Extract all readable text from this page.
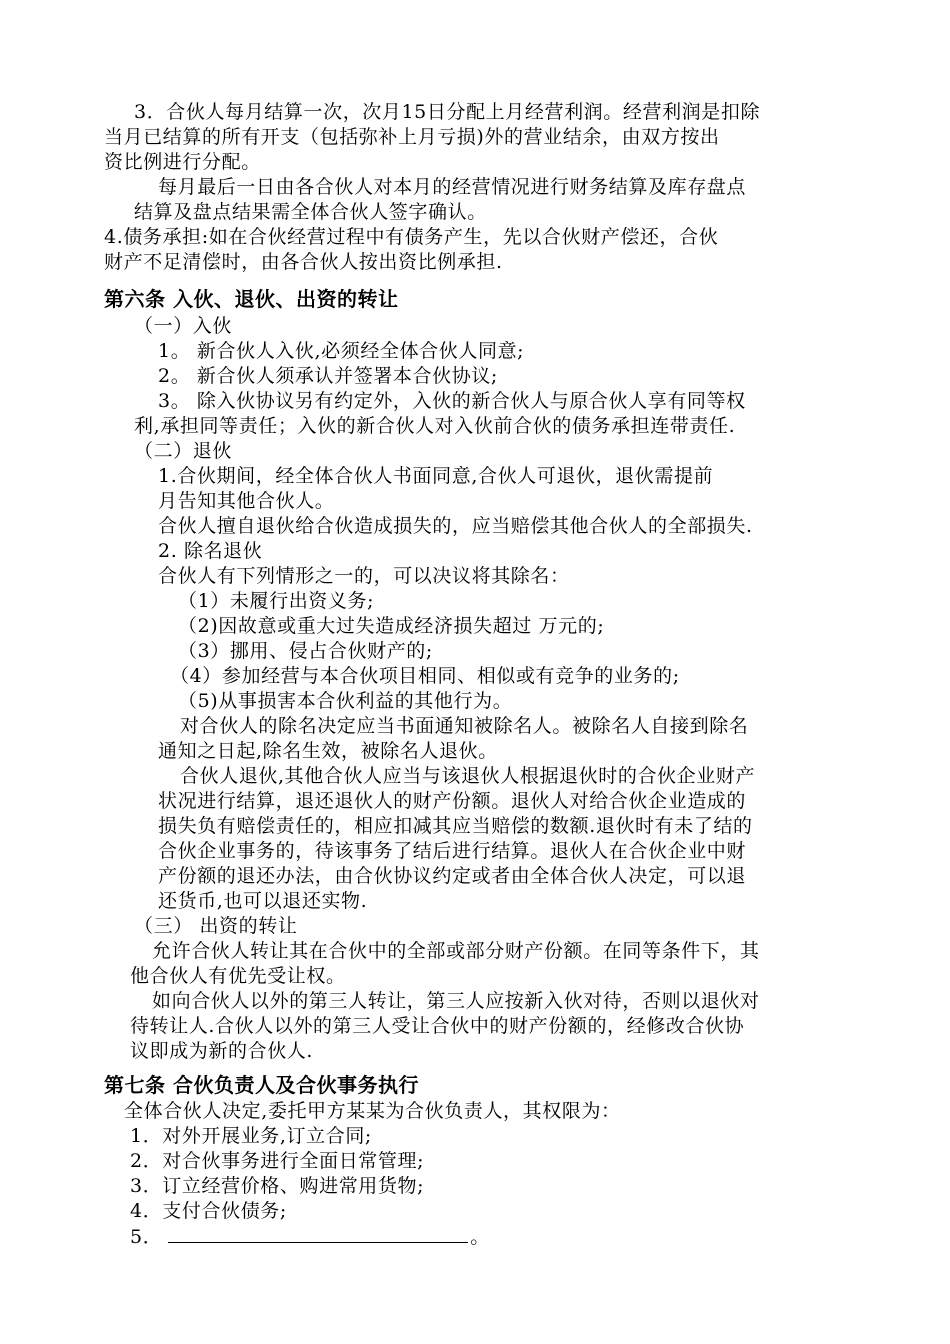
3．合伙人每月结算一次，次月15日分配上月经营利润。经营利润是扣除
当月已结算的所有开支（包括弥补上月亏损)外的营业结余，由双方按出
资比例进行分配。
每月最后一日由各合伙人对本月的经营情况进行财务结算及库存盘点
结算及盘点结果需全体合伙人签字确认。
4.债务承担:如在合伙经营过程中有债务产生，先以合伙财产偿还，合伙
财产不足清偿时，由各合伙人按出资比例承担.
第六条 入伙、退伙、出资的转让
（一）入伙
1。 新合伙人入伙,必须经全体合伙人同意;
2。 新合伙人须承认并签署本合伙协议;
3。 除入伙协议另有约定外，入伙的新合伙人与原合伙人享有同等权
利,承担同等责任；入伙的新合伙人对入伙前合伙的债务承担连带责任.
（二）退伙
1.合伙期间，经全体合伙人书面同意,合伙人可退伙，退伙需提前
月告知其他合伙人。
合伙人擅自退伙给合伙造成损失的，应当赔偿其他合伙人的全部损失.
2. 除名退伙
合伙人有下列情形之一的，可以决议将其除名：
（1）未履行出资义务;
（2)因故意或重大过失造成经济损失超过 万元的;
（3）挪用、侵占合伙财产的;
（4）参加经营与本合伙项目相同、相似或有竞争的业务的;
（5)从事损害本合伙利益的其他行为。
对合伙人的除名决定应当书面通知被除名人。被除名人自接到除名
通知之日起,除名生效，被除名人退伙。
合伙人退伙,其他合伙人应当与该退伙人根据退伙时的合伙企业财产
状况进行结算，退还退伙人的财产份额。退伙人对给合伙企业造成的
损失负有赔偿责任的，相应扣减其应当赔偿的数额.退伙时有未了结的
合伙企业事务的，待该事务了结后进行结算。退伙人在合伙企业中财
产份额的退还办法，由合伙协议约定或者由全体合伙人决定，可以退
还货币,也可以退还实物.
（三） 出资的转让
允许合伙人转让其在合伙中的全部或部分财产份额。在同等条件下，其
他合伙人有优先受让权。
如向合伙人以外的第三人转让，第三人应按新入伙对待，否则以退伙对
待转让人.合伙人以外的第三人受让合伙中的财产份额的，经修改合伙协
议即成为新的合伙人.
第七条 合伙负责人及合伙事务执行
全体合伙人决定,委托甲方某某为合伙负责人，其权限为：
1．对外开展业务,订立合同;
2．对合伙事务进行全面日常管理;
3．订立经营价格、购进常用货物;
4．支付合伙债务;
5．	。
